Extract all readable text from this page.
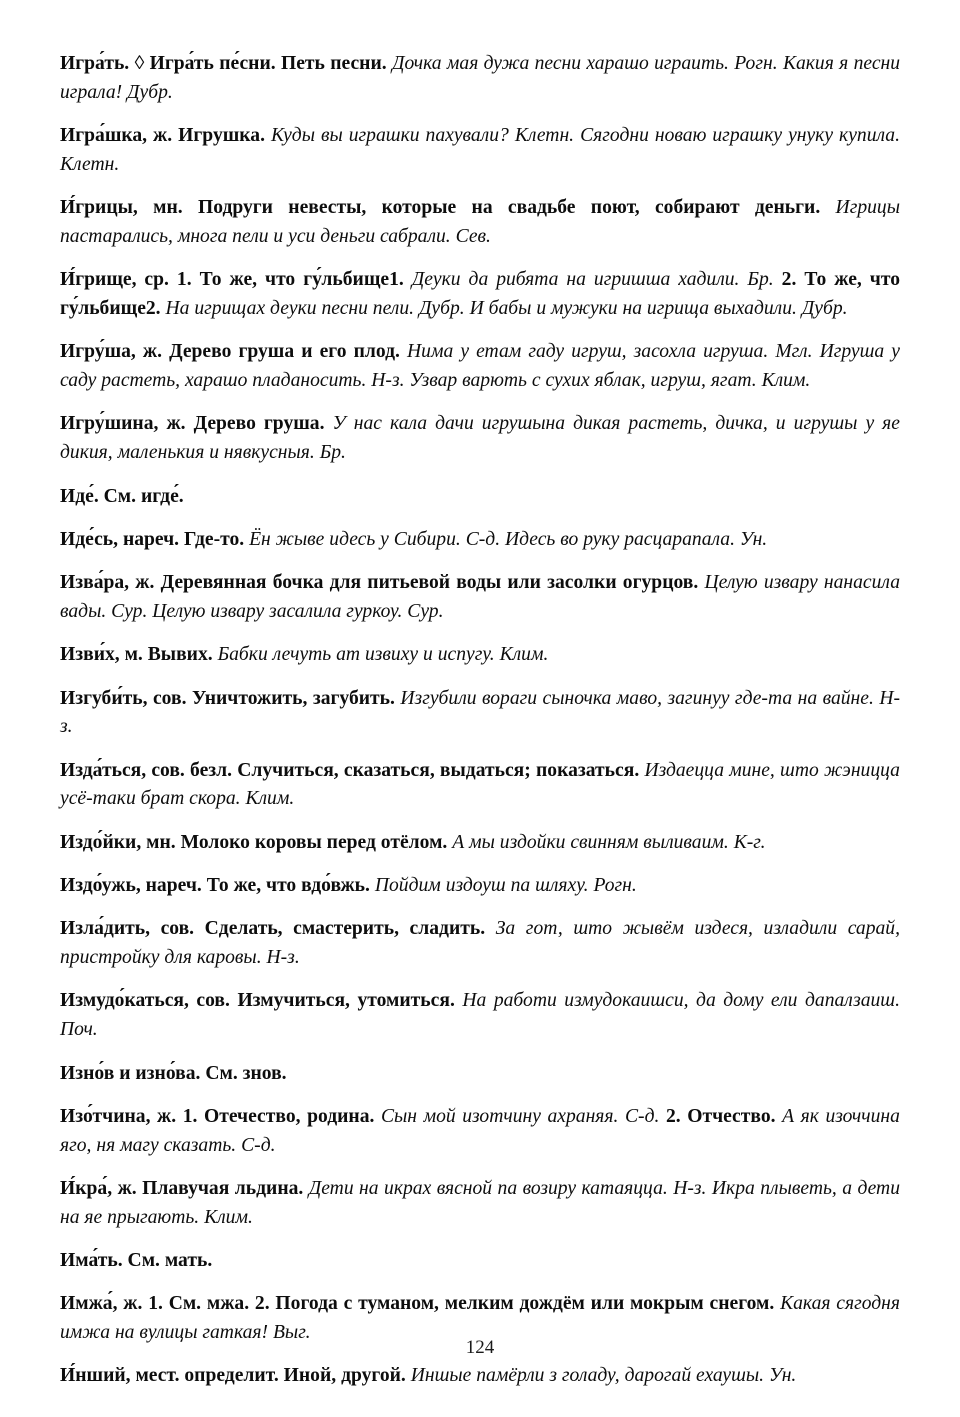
Игра́ть. ◊ Игра́ть пе́сни. Петь песни. Дочка мая дужа песни харашо играить. Рогн. Какия я песни играла! Дубр.

Игра́шка, ж. Игрушка. Куды вы играшки пахували? Клетн. Сягодни новаю играшку унуку купила. Клетн.

И́грицы, мн. Подруги невесты, которые на свадьбе поют, собирают деньги. Игрицы пастарались, многа пели и уси деньги сабрали. Сев.

И́грище, ср. 1. То же, что гу́льбище1. Деуки да рибята на игришша хадили. Бр. 2. То же, что гу́льбище2. На игрищах деуки песни пели. Дубр. И бабы и мужуки на игрища выхадили. Дубр.

Игру́ша, ж. Дерево груша и его плод. Нима у етам гаду игруш, засохла игруша. Мгл. Игруша у саду растеть, харашо пладаносить. Н-з. Узвар варють с сухих яблак, игруш, ягат. Клим.

Игру́шина, ж. Дерево груша. У нас кала дачи игрушына дикая растеть, дичка, и игрушы у яе дикия, маленькия и нявкусныя. Бр.

Иде́. См. игде́.

Иде́сь, нареч. Где-то. Ён жыве идесь у Сибири. С-д. Идесь во руку расцарапала. Ун.

Изва́ра, ж. Деревянная бочка для питьевой воды или засолки огурцов. Целую извару нанасила вады. Сур. Целую извару засалила гуркоу. Сур.

Изви́х, м. Вывих. Бабки лечуть ат извиху и испугу. Клим.

Изгуби́ть, сов. Уничтожить, загубить. Изгубили вораги сыночка маво, загинуу где-та на вайне. Н-з.

Изда́ться, сов. безл. Случиться, сказаться, выдаться; показаться. Издаецца мине, што жэницца усё-таки брат скора. Клим.

Издо́йки, мн. Молоко коровы перед отёлом. А мы издойки свинням выливаим. К-г.

Издо́ужь, нареч. То же, что вдо́вжь. Пойдим издоуш па шляху. Рогн.

Изла́дить, сов. Сделать, смастерить, сладить. За гот, што жывём издеся, изладили сарай, пристройку для каровы. Н-з.

Измудо́каться, сов. Измучиться, утомиться. На работи измудокаишси, да дому ели дапалзаиш. Поч.

Изно́в и изно́ва. См. знов.

Изо́тчина, ж. 1. Отечество, родина. Сын мой изотчину ахраняя. С-д. 2. Отчество. А як изоччина яго, ня магу сказать. С-д.

И́кра́, ж. Плавучая льдина. Дети на икрах вясной па возиру катаяцца. Н-з. Икра плыветь, а дети на яе прыгають. Клим.

Има́ть. См. мать.

Имжа́, ж. 1. См. мжа. 2. Погода с туманом, мелким дождём или мокрым снегом. Какая сягодня имжа на вулицы гаткая! Выг.

И́нший, мест. определит. Иной, другой. Иншые памёрли з голаду, дарогай ехаушы. Ун.

124
